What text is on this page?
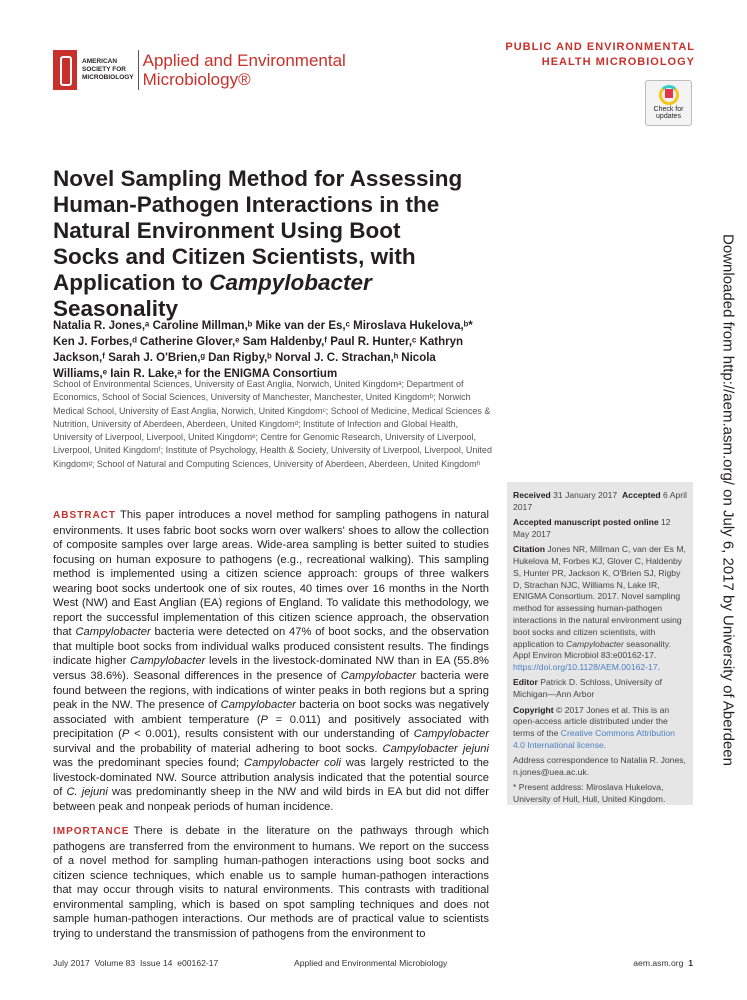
AMERICAN
SOCIETY FOR
MICROBIOLOGY
Applied and Environmental
Microbiology®
PUBLIC AND ENVIRONMENTAL
HEALTH MICROBIOLOGY
Check for
updates
Novel Sampling Method for Assessing Human-Pathogen Interactions in the Natural Environment Using Boot Socks and Citizen Scientists, with Application to Campylobacter Seasonality
Natalia R. Jones,ᵃ Caroline Millman,ᵇ Mike van der Es,ᶜ Miroslava Hukelova,ᵇ* Ken J. Forbes,ᵈ Catherine Glover,ᵉ Sam Haldenby,ᶠ Paul R. Hunter,ᶜ Kathryn Jackson,ᶠ Sarah J. O'Brien,ᵍ Dan Rigby,ᵇ Norval J. C. Strachan,ʰ Nicola Williams,ᵉ Iain R. Lake,ᵃ for the ENIGMA Consortium
School of Environmental Sciences, University of East Anglia, Norwich, United Kingdomᵃ; Department of Economics, School of Social Sciences, University of Manchester, Manchester, United Kingdomᵇ; Norwich Medical School, University of East Anglia, Norwich, United Kingdomᶜ; School of Medicine, Medical Sciences & Nutrition, University of Aberdeen, Aberdeen, United Kingdomᵈ; Institute of Infection and Global Health, University of Liverpool, Liverpool, United Kingdomᵉ; Centre for Genomic Research, University of Liverpool, Liverpool, United Kingdomᶠ; Institute of Psychology, Health & Society, University of Liverpool, Liverpool, United Kingdomᵍ; School of Natural and Computing Sciences, University of Aberdeen, Aberdeen, United Kingdomʰ
ABSTRACT This paper introduces a novel method for sampling pathogens in natural environments. It uses fabric boot socks worn over walkers' shoes to allow the collection of composite samples over large areas. Wide-area sampling is better suited to studies focusing on human exposure to pathogens (e.g., recreational walking). This sampling method is implemented using a citizen science approach: groups of three walkers wearing boot socks undertook one of six routes, 40 times over 16 months in the North West (NW) and East Anglian (EA) regions of England. To validate this methodology, we report the successful implementation of this citizen science approach, the observation that Campylobacter bacteria were detected on 47% of boot socks, and the observation that multiple boot socks from individual walks produced consistent results. The findings indicate higher Campylobacter levels in the livestock-dominated NW than in EA (55.8% versus 38.6%). Seasonal differences in the presence of Campylobacter bacteria were found between the regions, with indications of winter peaks in both regions but a spring peak in the NW. The presence of Campylobacter bacteria on boot socks was negatively associated with ambient temperature (P = 0.011) and positively associated with precipitation (P < 0.001), results consistent with our understanding of Campylobacter survival and the probability of material adhering to boot socks. Campylobacter jejuni was the predominant species found; Campylobacter coli was largely restricted to the livestock-dominated NW. Source attribution analysis indicated that the potential source of C. jejuni was predominantly sheep in the NW and wild birds in EA but did not differ between peak and nonpeak periods of human incidence.
IMPORTANCE There is debate in the literature on the pathways through which pathogens are transferred from the environment to humans. We report on the success of a novel method for sampling human-pathogen interactions using boot socks and citizen science techniques, which enable us to sample human-pathogen interactions that may occur through visits to natural environments. This contrasts with traditional environmental sampling, which is based on spot sampling techniques and does not sample human-pathogen interactions. Our methods are of practical value to scientists trying to understand the transmission of pathogens from the environment to

Received 31 January 2017 Accepted 6 April 2017

Accepted manuscript posted online 12 May 2017

Citation Jones NR, Millman C, van der Es M, Hukelova M, Forbes KJ, Glover C, Haldenby S, Hunter PR, Jackson K, O'Brien SJ, Rigby D, Strachan NJC, Williams N, Lake IR, ENIGMA Consortium. 2017. Novel sampling method for assessing human-pathogen interactions in the natural environment using boot socks and citizen scientists, with application to Campylobacter seasonality. Appl Environ Microbiol 83:e00162-17. https://doi.org/10.1128/AEM.00162-17.

Editor Patrick D. Schloss, University of Michigan—Ann Arbor

Copyright © 2017 Jones et al. This is an open-access article distributed under the terms of the Creative Commons Attribution 4.0 International license.

Address correspondence to Natalia R. Jones, n.jones@uea.ac.uk.

* Present address: Miroslava Hukelova, University of Hull, Hull, United Kingdom.

Downloaded from http://aem.asm.org/ on July 6, 2017 by University of Aberdeen
July 2017  Volume 83  Issue 14  e00162-17	Applied and Environmental Microbiology	aem.asm.org 1
